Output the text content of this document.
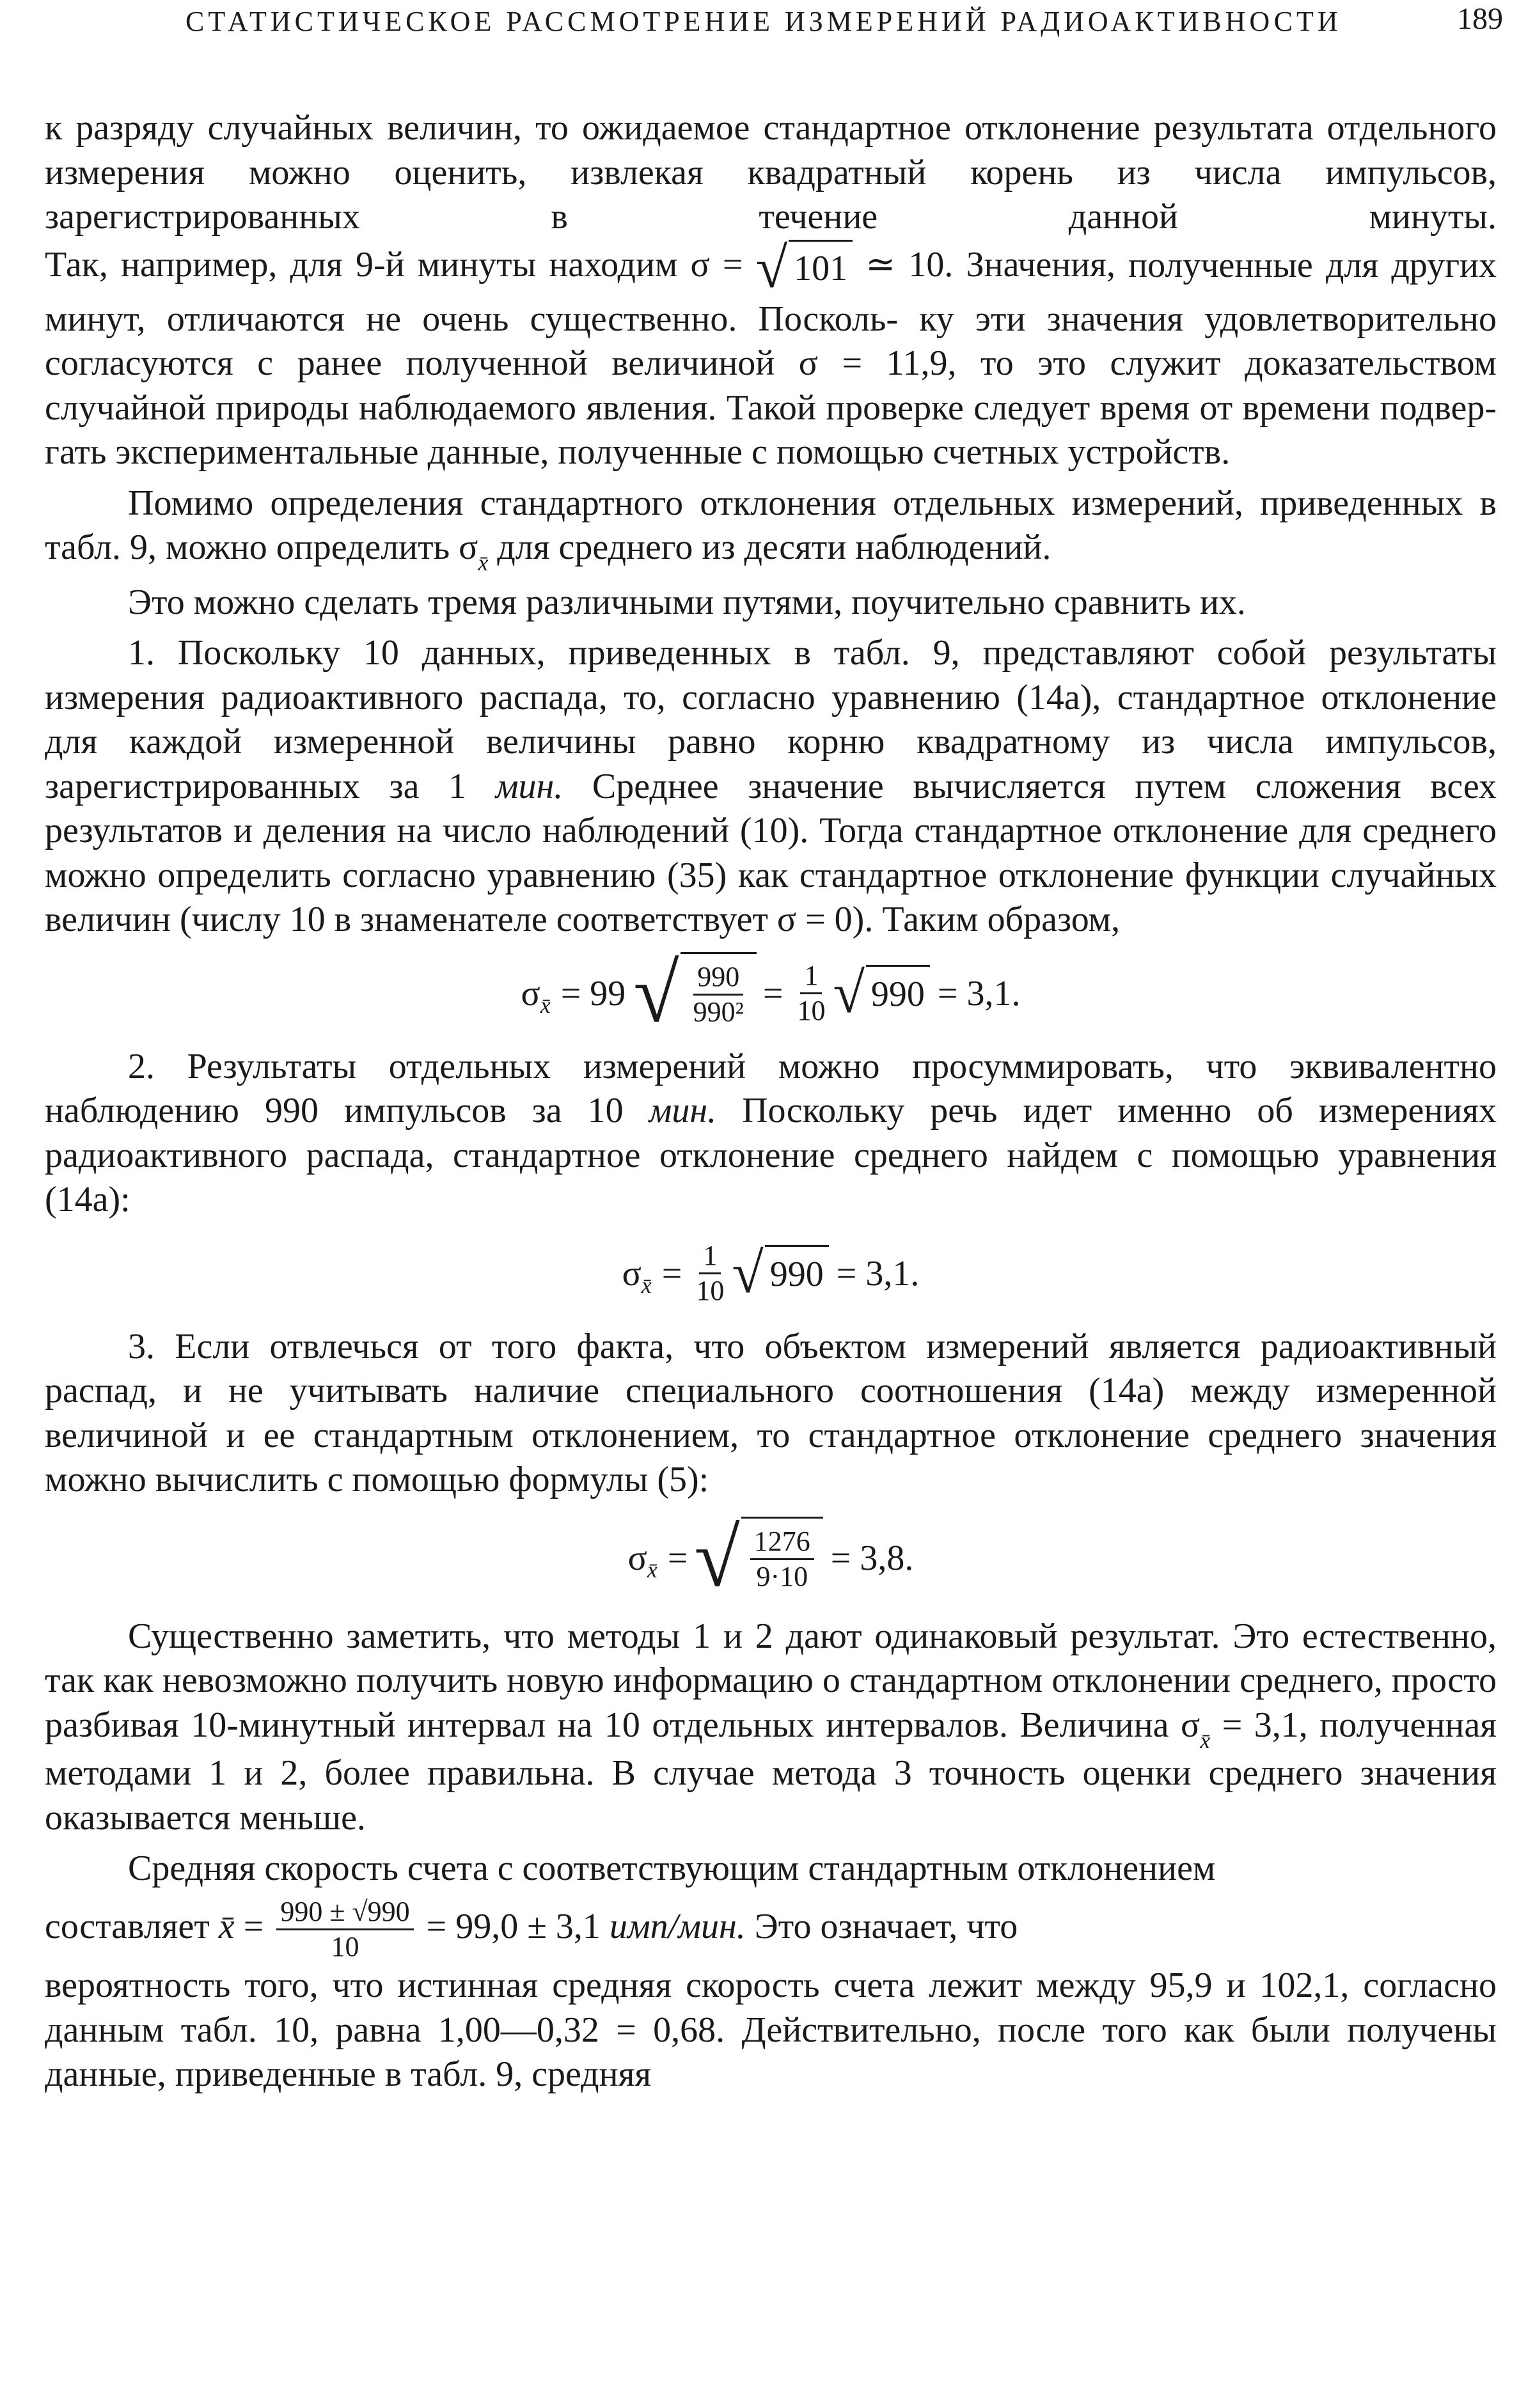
СТАТИСТИЧЕСКОЕ РАССМОТРЕНИЕ ИЗМЕРЕНИЙ РАДИОАКТИВНОСТИ	189

к разряду случайных величин, то ожидаемое стандартное отклонение результата отдельного измерения можно оценить, извлекая квадратный корень из числа импульсов, зарегистрированных в течение данной минуты. Так, например, для 9-й минуты находим σ = √ 101 ≃ 10. Значения, полученные для других минут, отличаются не очень существенно. Посколь- ку эти значения удовлетворительно согласуются с ранее полученной величиной σ = 11,9, то это служит доказательством случайной природы наблюдаемого явления. Такой проверке следует время от времени подвер- гать экспериментальные данные, полученные с помощью счетных устройств.

Помимо определения стандартного отклонения отдельных измерений, приведенных в табл. 9, можно определить $\sigma_{x̄}$ для среднего из десяти наблюдений.

Это можно сделать тремя различными путями, поучительно сравнить их.

1. Поскольку 10 данных, приведенных в табл. 9, представляют собой результаты измерения радиоактивного распада, то, согласно уравнению (14а), стандартное отклонение для каждой измеренной величины равно корню квадратному из числа импульсов, зарегистрированных за 1 мин. Среднее значение вычисляется путем сложения всех результатов и деления на число наблюдений (10). Тогда стандартное отклонение для среднего можно определить согласно уравнению (35) как стандартное отклонение функции случайных величин (числу 10 в знаменателе соответствует σ = 0). Таким образом,

σ x̄ = 99 √ $\frac{990}{\text{990²}} = \frac{1}{10}$ √ 990 = 3,1.

2. Результаты отдельных измерений можно просуммировать, что эквивалентно наблюдению 990 импульсов за 10 мин. Поскольку речь идет именно об измерениях радиоактивного распада, стандартное отклонение среднего найдем с помощью уравнения (14а):

σ x̄ = $\frac{1}{10}$ √ 990 = 3,1.

3. Если отвлечься от того факта, что объектом измерений является радиоактивный распад, и не учитывать наличие специального соотношения (14а) между измеренной величиной и ее стандартным отклонением, то стандартное отклонение среднего значения можно вычислить с помощью формулы (5):

σ x̄ = √ $\frac{1276}{9\cdot 10} = 3,8$.

Существенно заметить, что методы 1 и 2 дают одинаковый результат. Это естественно, так как невозможно получить новую информацию о стандартном отклонении среднего, просто разбивая 10-минутный интервал на 10 отдельных интервалов. Величина $\sigma_{x̄} = 3,1$, полученная методами 1 и 2, более правильна. В случае метода 3 точность оценки среднего значения оказывается меньше.

Средняя скорость счета с соответствующим стандартным отклонением

составляет x̄ = $\frac{990 \pm √990}{10} = 99,0 \pm 3,1$ имп/мин. Это означает, что

вероятность того, что истинная средняя скорость счета лежит между 95,9 и 102,1, согласно данным табл. 10, равна 1,00—0,32 = 0,68. Действительно, после того как были получены данные, приведенные в табл. 9, средняя
